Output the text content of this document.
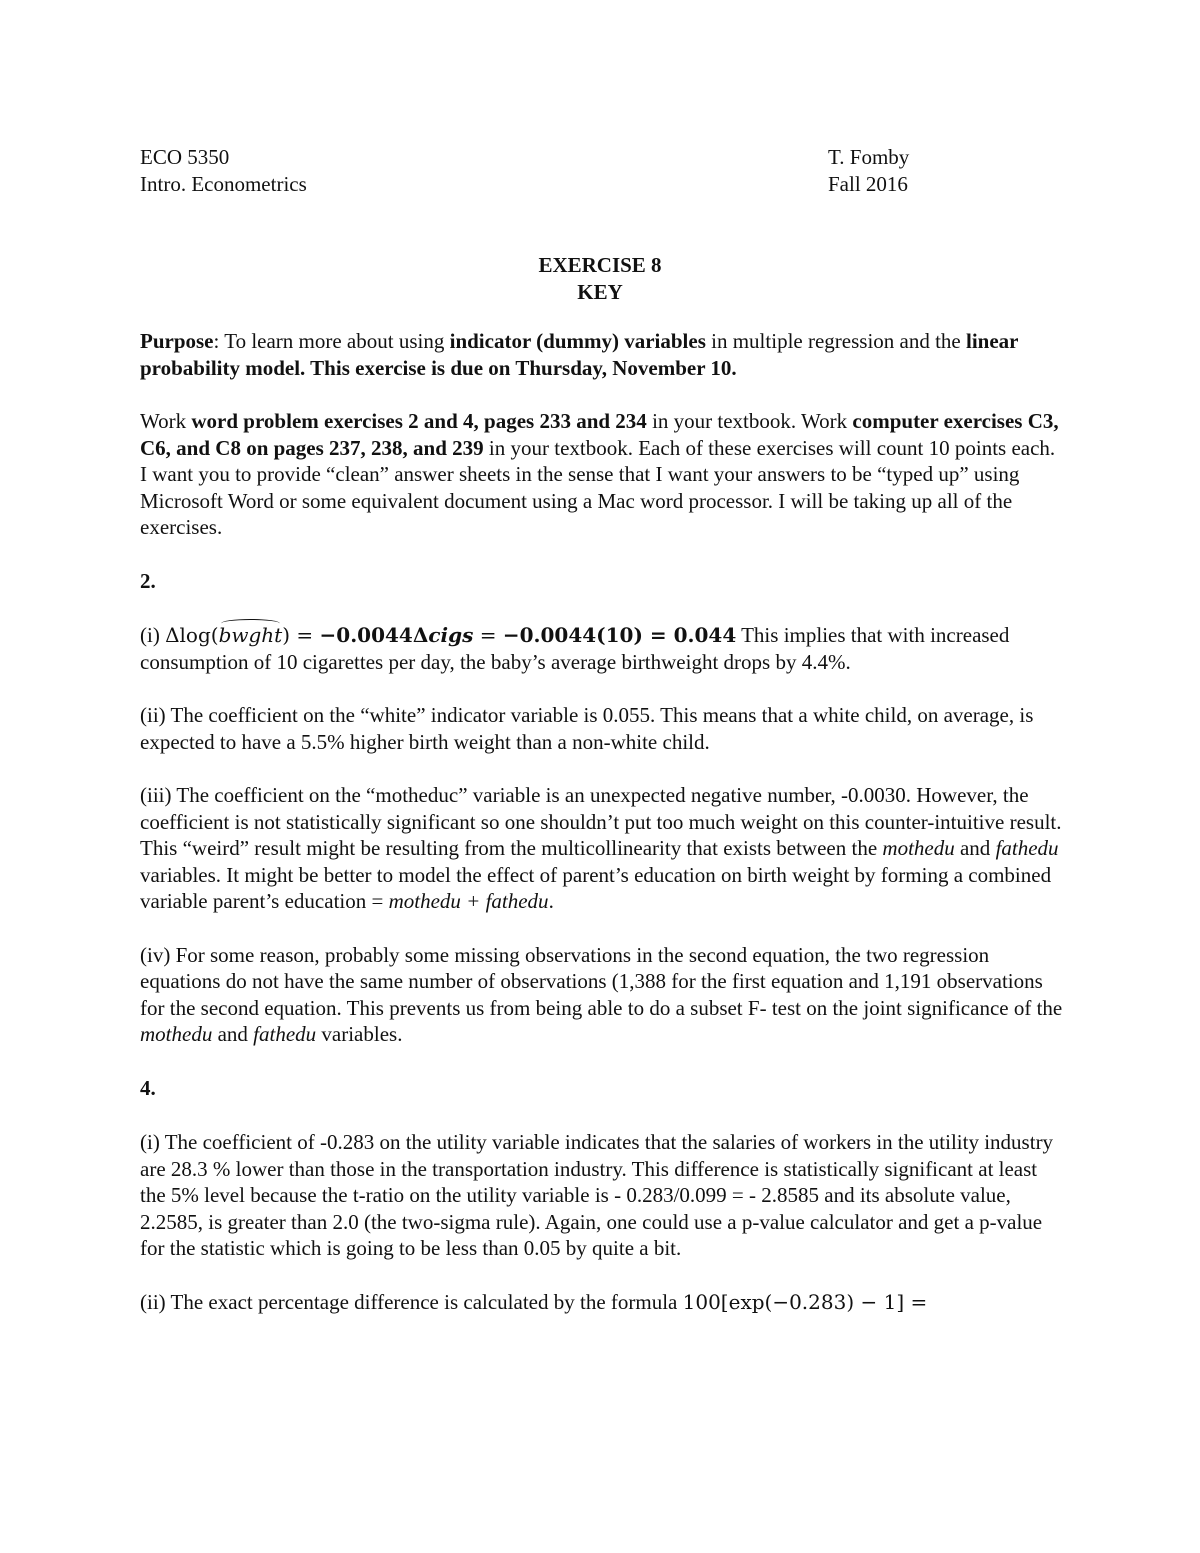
ECO 5350	T. Fomby
Intro. Econometrics	Fall 2016
EXERCISE 8
KEY

Purpose: To learn more about using indicator (dummy) variables in multiple regression and the linear probability model. This exercise is due on Thursday, November 10.

Work word problem exercises 2 and 4, pages 233 and 234 in your textbook. Work computer exercises C3, C6, and C8 on pages 237, 238, and 239 in your textbook. Each of these exercises will count 10 points each. I want you to provide “clean” answer sheets in the sense that I want your answers to be “typed up” using Microsoft Word or some equivalent document using a Mac word processor. I will be taking up all of the exercises.

2.

(i) Δlog(bwght) = −0.0044Δcigs = −0.0044(10) = 0.044 This implies that with increased consumption of 10 cigarettes per day, the baby’s average birthweight drops by 4.4%.

(ii) The coefficient on the “white” indicator variable is 0.055. This means that a white child, on average, is expected to have a 5.5% higher birth weight than a non-white child.

(iii) The coefficient on the “motheduc” variable is an unexpected negative number, -0.0030. However, the coefficient is not statistically significant so one shouldn’t put too much weight on this counter-intuitive result. This “weird” result might be resulting from the multicollinearity that exists between the mothedu and fathedu variables. It might be better to model the effect of parent’s education on birth weight by forming a combined variable parent’s education = mothedu + fathedu.

(iv) For some reason, probably some missing observations in the second equation, the two regression equations do not have the same number of observations (1,388 for the first equation and 1,191 observations for the second equation. This prevents us from being able to do a subset F- test on the joint significance of the mothedu and fathedu variables.

4.

(i) The coefficient of -0.283 on the utility variable indicates that the salaries of workers in the utility industry are 28.3 % lower than those in the transportation industry. This difference is statistically significant at least the 5% level because the t-ratio on the utility variable is - 0.283/0.099 = - 2.8585 and its absolute value, 2.2585, is greater than 2.0 (the two-sigma rule). Again, one could use a p-value calculator and get a p-value for the statistic which is going to be less than 0.05 by quite a bit.

(ii) The exact percentage difference is calculated by the formula 100[exp(−0.283) − 1] =
